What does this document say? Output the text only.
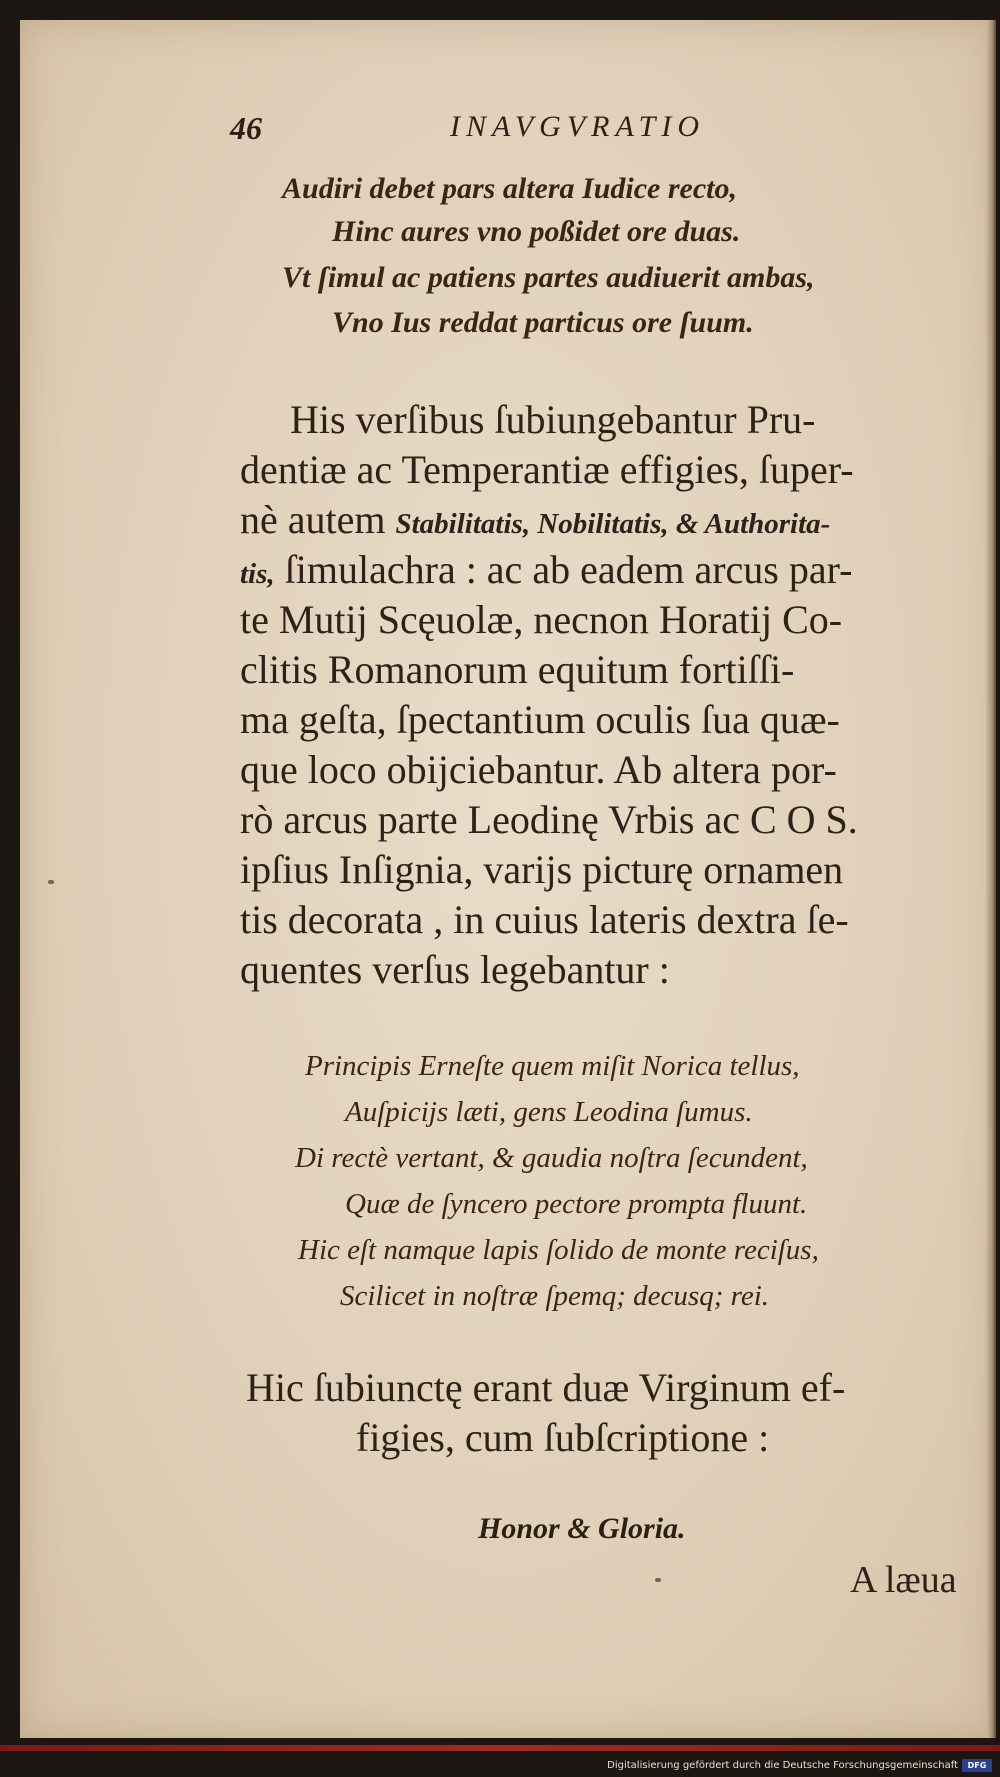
46	INAVGVRATIO
Audiri debet pars altera Iudice recto,
Hinc aures vno poßidet ore duas.
Vt ſimul ac patiens partes audiuerit ambas,
Vno Ius reddat particus ore ſuum.
His verſibus ſubiungebantur Pru-
dentiæ ac Temperantiæ effigies, ſuper-
nè autem Stabilitatis, Nobilitatis, & Authorita-
tis, ſimulachra : ac ab eadem arcus par-
te Mutij Scęuolæ, necnon Horatij Co-
clitis Romanorum equitum fortiſſi-
ma geſta, ſpectantium oculis ſua quæ-
que loco obijciebantur. Ab altera por-
rò arcus parte Leodinę Vrbis ac C O S.
ipſius Inſignia, varijs picturę ornamen
tis decorata , in cuius lateris dextra ſe-
quentes verſus legebantur :
Principis Erneſte quem miſit Norica tellus,
Auſpicijs læti, gens Leodina ſumus.
Di rectè vertant, & gaudia noſtra ſecundent,
Quæ de ſyncero pectore prompta fluunt.
Hic eſt namque lapis ſolido de monte reciſus,
Scilicet in noſtræ ſpemq; decusq; rei.
Hic ſubiunctę erant duæ Virginum ef-
figies, cum ſubſcriptione :
Honor & Gloria.
A læua
Digitalisierung gefördert durch die Deutsche Forschungsgemeinschaft	DFG
